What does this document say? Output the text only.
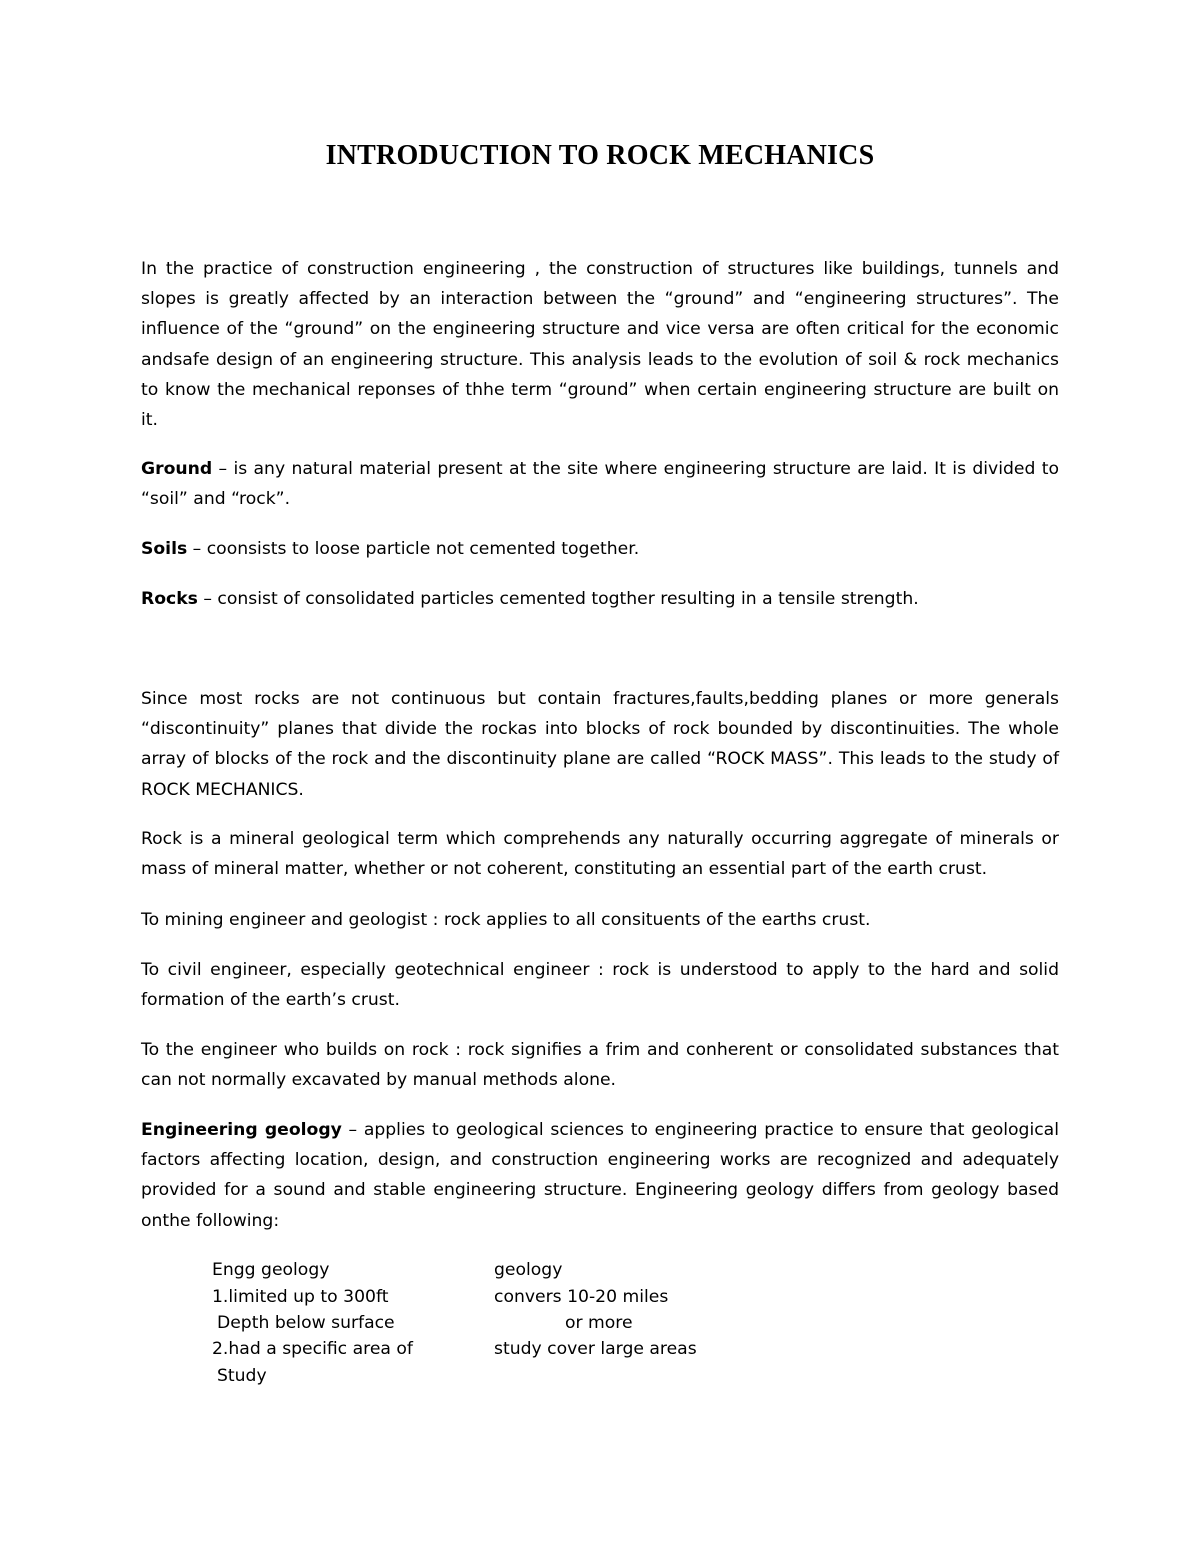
INTRODUCTION TO ROCK MECHANICS

In the practice of construction engineering , the construction of structures like buildings, tunnels and slopes is greatly affected by an interaction between the “ground” and “engineering structures”. The influence of the “ground” on the engineering structure and vice versa are often critical for the economic andsafe design of an engineering structure. This analysis leads to the evolution of soil & rock mechanics to know the mechanical reponses of thhe term “ground” when certain engineering structure are built on it.

Ground – is any natural material present at the site where engineering structure are laid. It is divided to “soil” and “rock”.

Soils – coonsists to loose particle not cemented together.

Rocks – consist of consolidated particles cemented togther resulting in a tensile strength.

Since most rocks are not continuous but contain fractures,faults,bedding planes or more generals “discontinuity” planes that divide the rockas into blocks of rock bounded by discontinuities. The whole array of blocks of the rock and the discontinuity plane are called “ROCK MASS”. This leads to the study of ROCK MECHANICS.

Rock is a mineral geological term which comprehends any naturally occurring aggregate of minerals or mass of mineral matter, whether or not coherent, constituting an essential part of the earth crust.

To mining engineer and geologist : rock applies to all consituents of the earths crust.

To civil engineer, especially geotechnical engineer : rock is understood to apply to the hard and solid formation of the earth’s crust.

To the engineer who builds on rock : rock signifies a frim and conherent or consolidated substances that can not normally excavated by manual methods alone.

Engineering geology – applies to geological sciences to engineering practice to ensure that geological factors affecting location, design, and construction engineering works are recognized and adequately provided for a sound and stable engineering structure. Engineering geology differs from geology based onthe following:

Engg geology	geology

1.limited up to 300ft	convers 10-20 miles

Depth below surface	or more

2.had a specific area of	study cover large areas

Study
